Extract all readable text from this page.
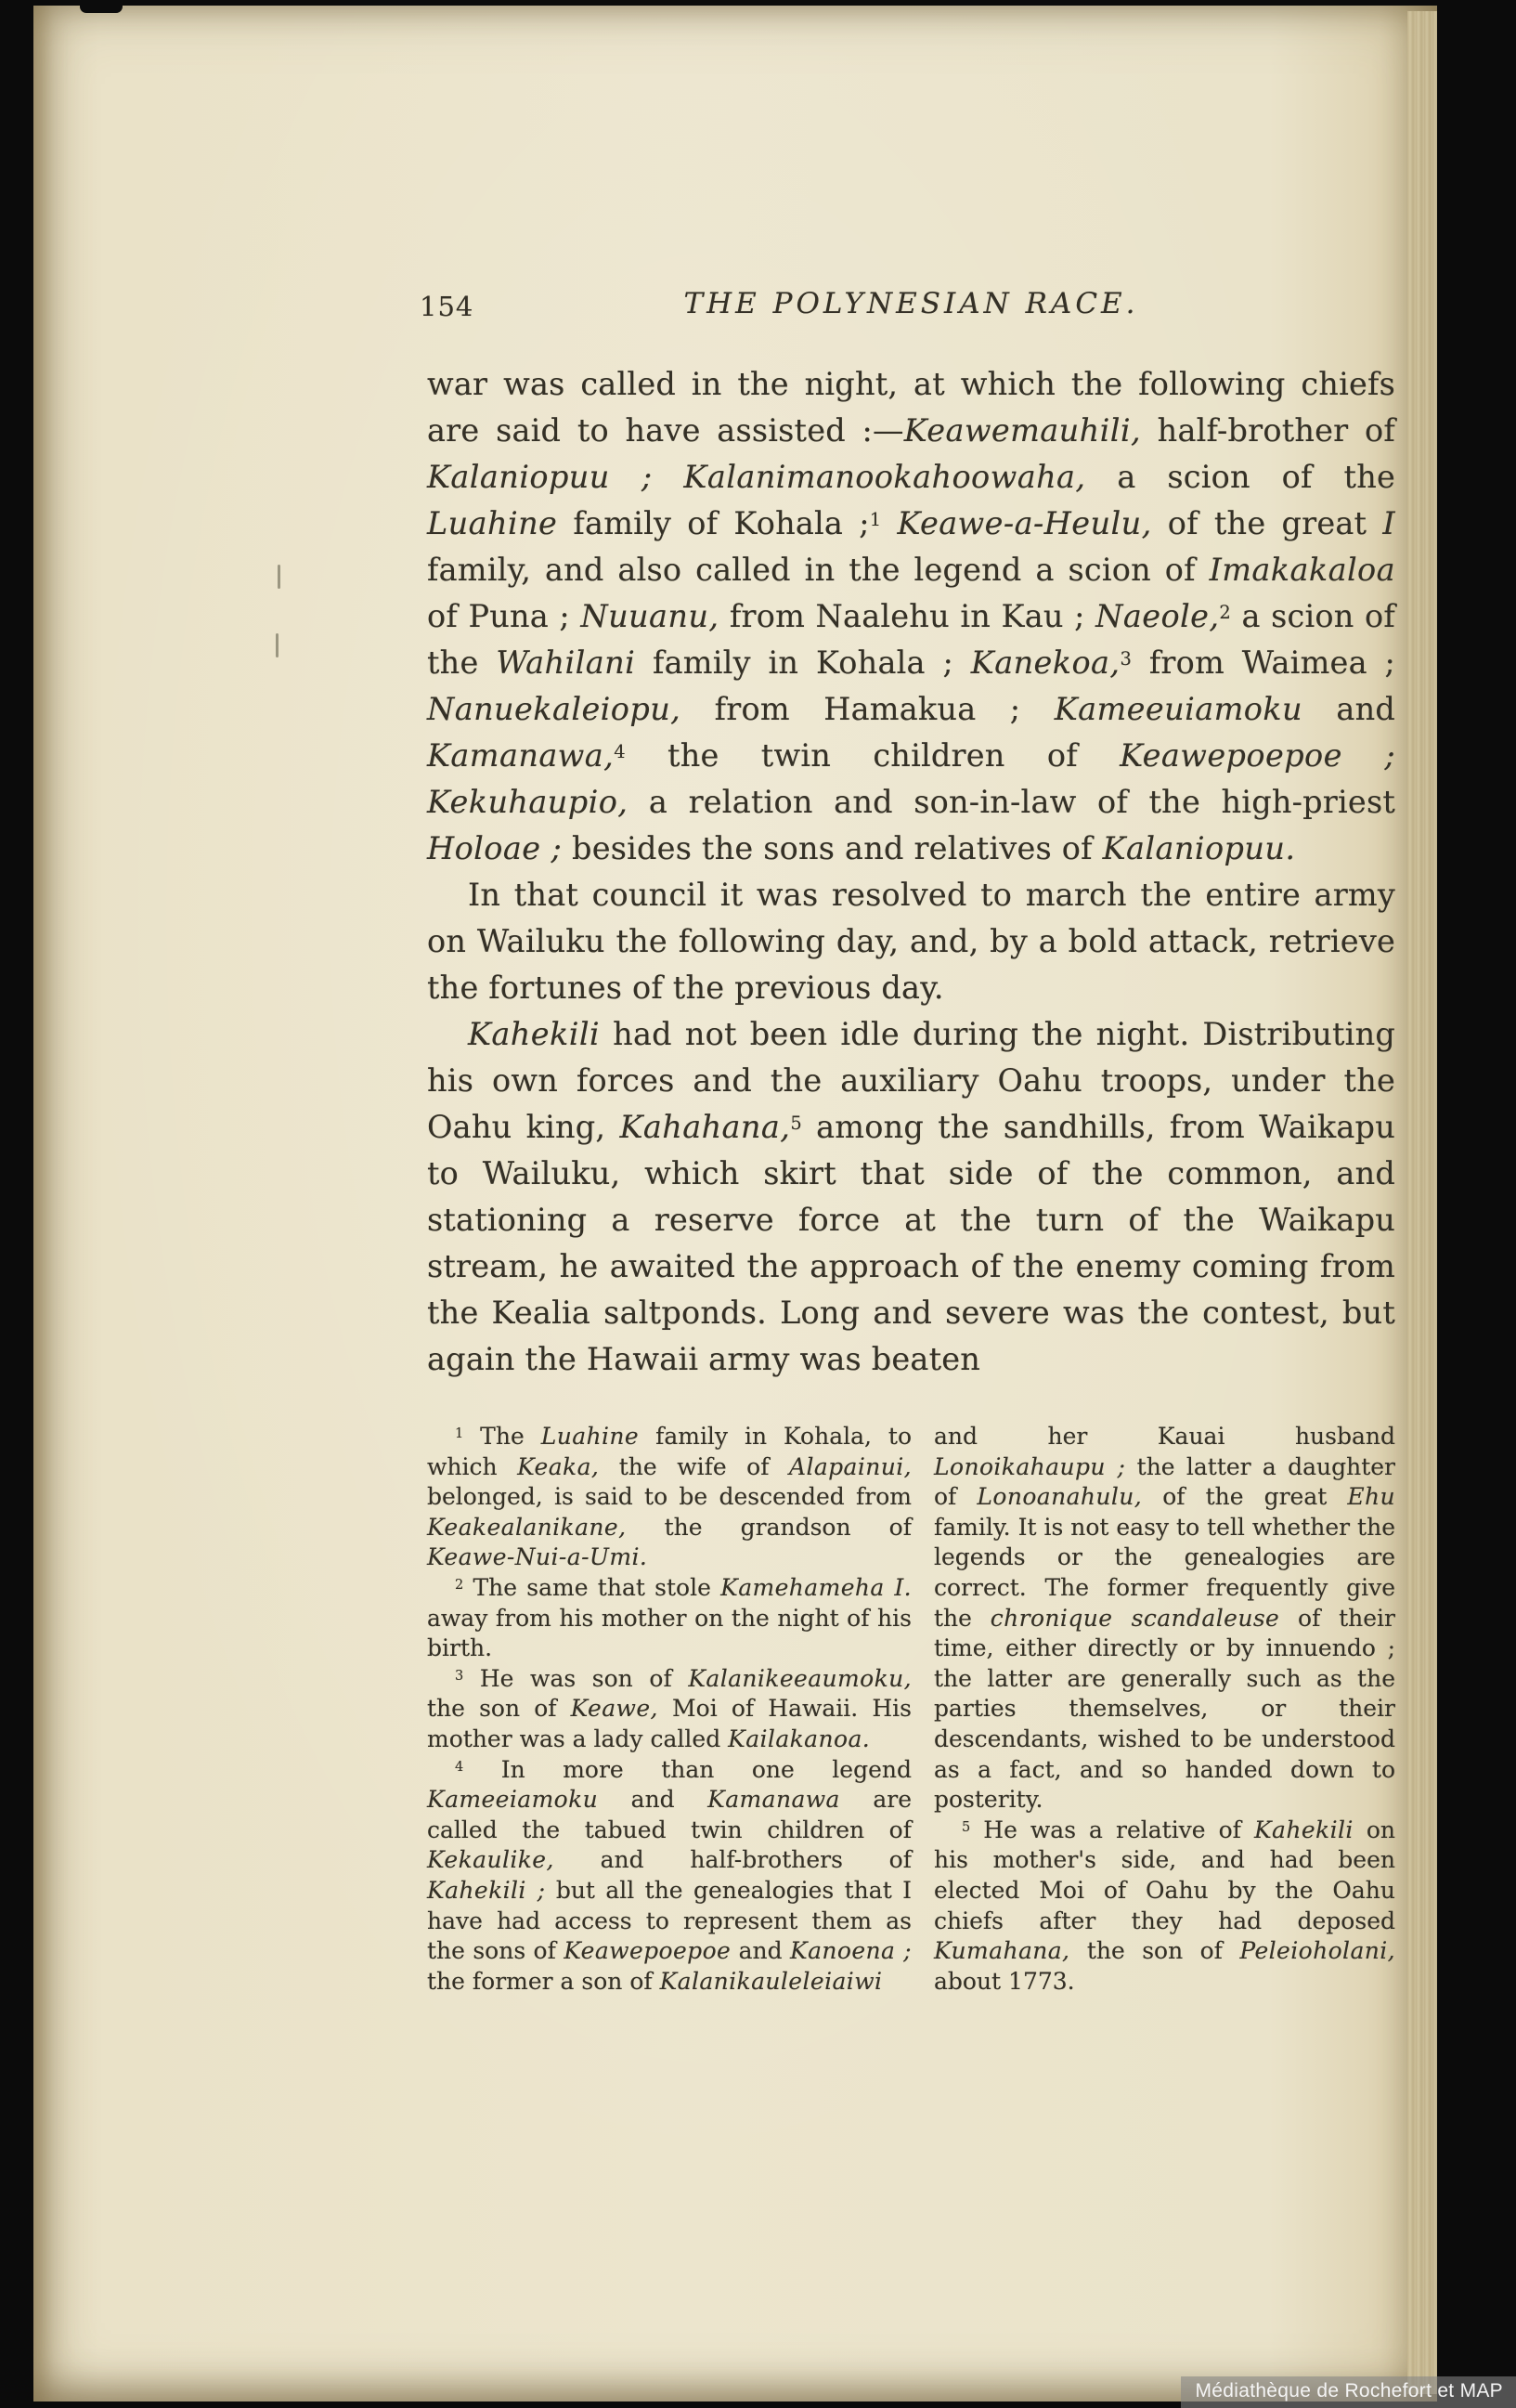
154	THE POLYNESIAN RACE.

war was called in the night, at which the following chiefs are said to have assisted :—Keawemauhili, half-brother of Kalaniopuu ; Kalanimanookahoowaha, a scion of the Luahine family of Kohala ;$^1$ Keawe-a-Heulu, of the great I family, and also called in the legend a scion of Imakakaloa of Puna ; Nuuanu, from Naalehu in Kau ; Naeole,$^2$ a scion of the Wahilani family in Kohala ; Kanekoa,$^3$ from Waimea ; Nanuekaleiopu, from Hamakua ; Kameeuiamoku and Kamanawa,$^4$ the twin children of Keawepoepoe ; Kekuhaupio, a relation and son-in-law of the high-priest Holoae ; besides the sons and relatives of Kalaniopuu.

In that council it was resolved to march the entire army on Wailuku the following day, and, by a bold attack, retrieve the fortunes of the previous day.

Kahekili had not been idle during the night. Distributing his own forces and the auxiliary Oahu troops, under the Oahu king, Kahahana,$^5$ among the sandhills, from Waikapu to Wailuku, which skirt that side of the common, and stationing a reserve force at the turn of the Waikapu stream, he awaited the approach of the enemy coming from the Kealia saltponds. Long and severe was the contest, but again the Hawaii army was beaten

$^1$ The Luahine family in Kohala, to which Keaka, the wife of Alapainui, belonged, is said to be descended from Keakealanikane, the grandson of Keawe-Nui-a-Umi.

$^2$ The same that stole Kamehameha I. away from his mother on the night of his birth.

$^3$ He was son of Kalanikeeaumoku, the son of Keawe, Moi of Hawaii. His mother was a lady called Kailakanoa.

$^4$ In more than one legend Kameeiamoku and Kamanawa are called the tabued twin children of Kekaulike, and half-brothers of Kahekili ; but all the genealogies that I have had access to represent them as the sons of Keawepoepoe and Kanoena ; the former a son of Kalanikauleleiaiwi

and her Kauai husband Lonoikahaupu ; the latter a daughter of Lonoanahulu, of the great Ehu family. It is not easy to tell whether the legends or the genealogies are correct. The former frequently give the chronique scandaleuse of their time, either directly or by innuendo ; the latter are generally such as the parties themselves, or their descendants, wished to be understood as a fact, and so handed down to posterity.

$^5$ He was a relative of Kahekili on his mother's side, and had been elected Moi of Oahu by the Oahu chiefs after they had deposed Kumahana, the son of Peleioholani, about 1773.

Médiathèque de Rochefort et MAP
